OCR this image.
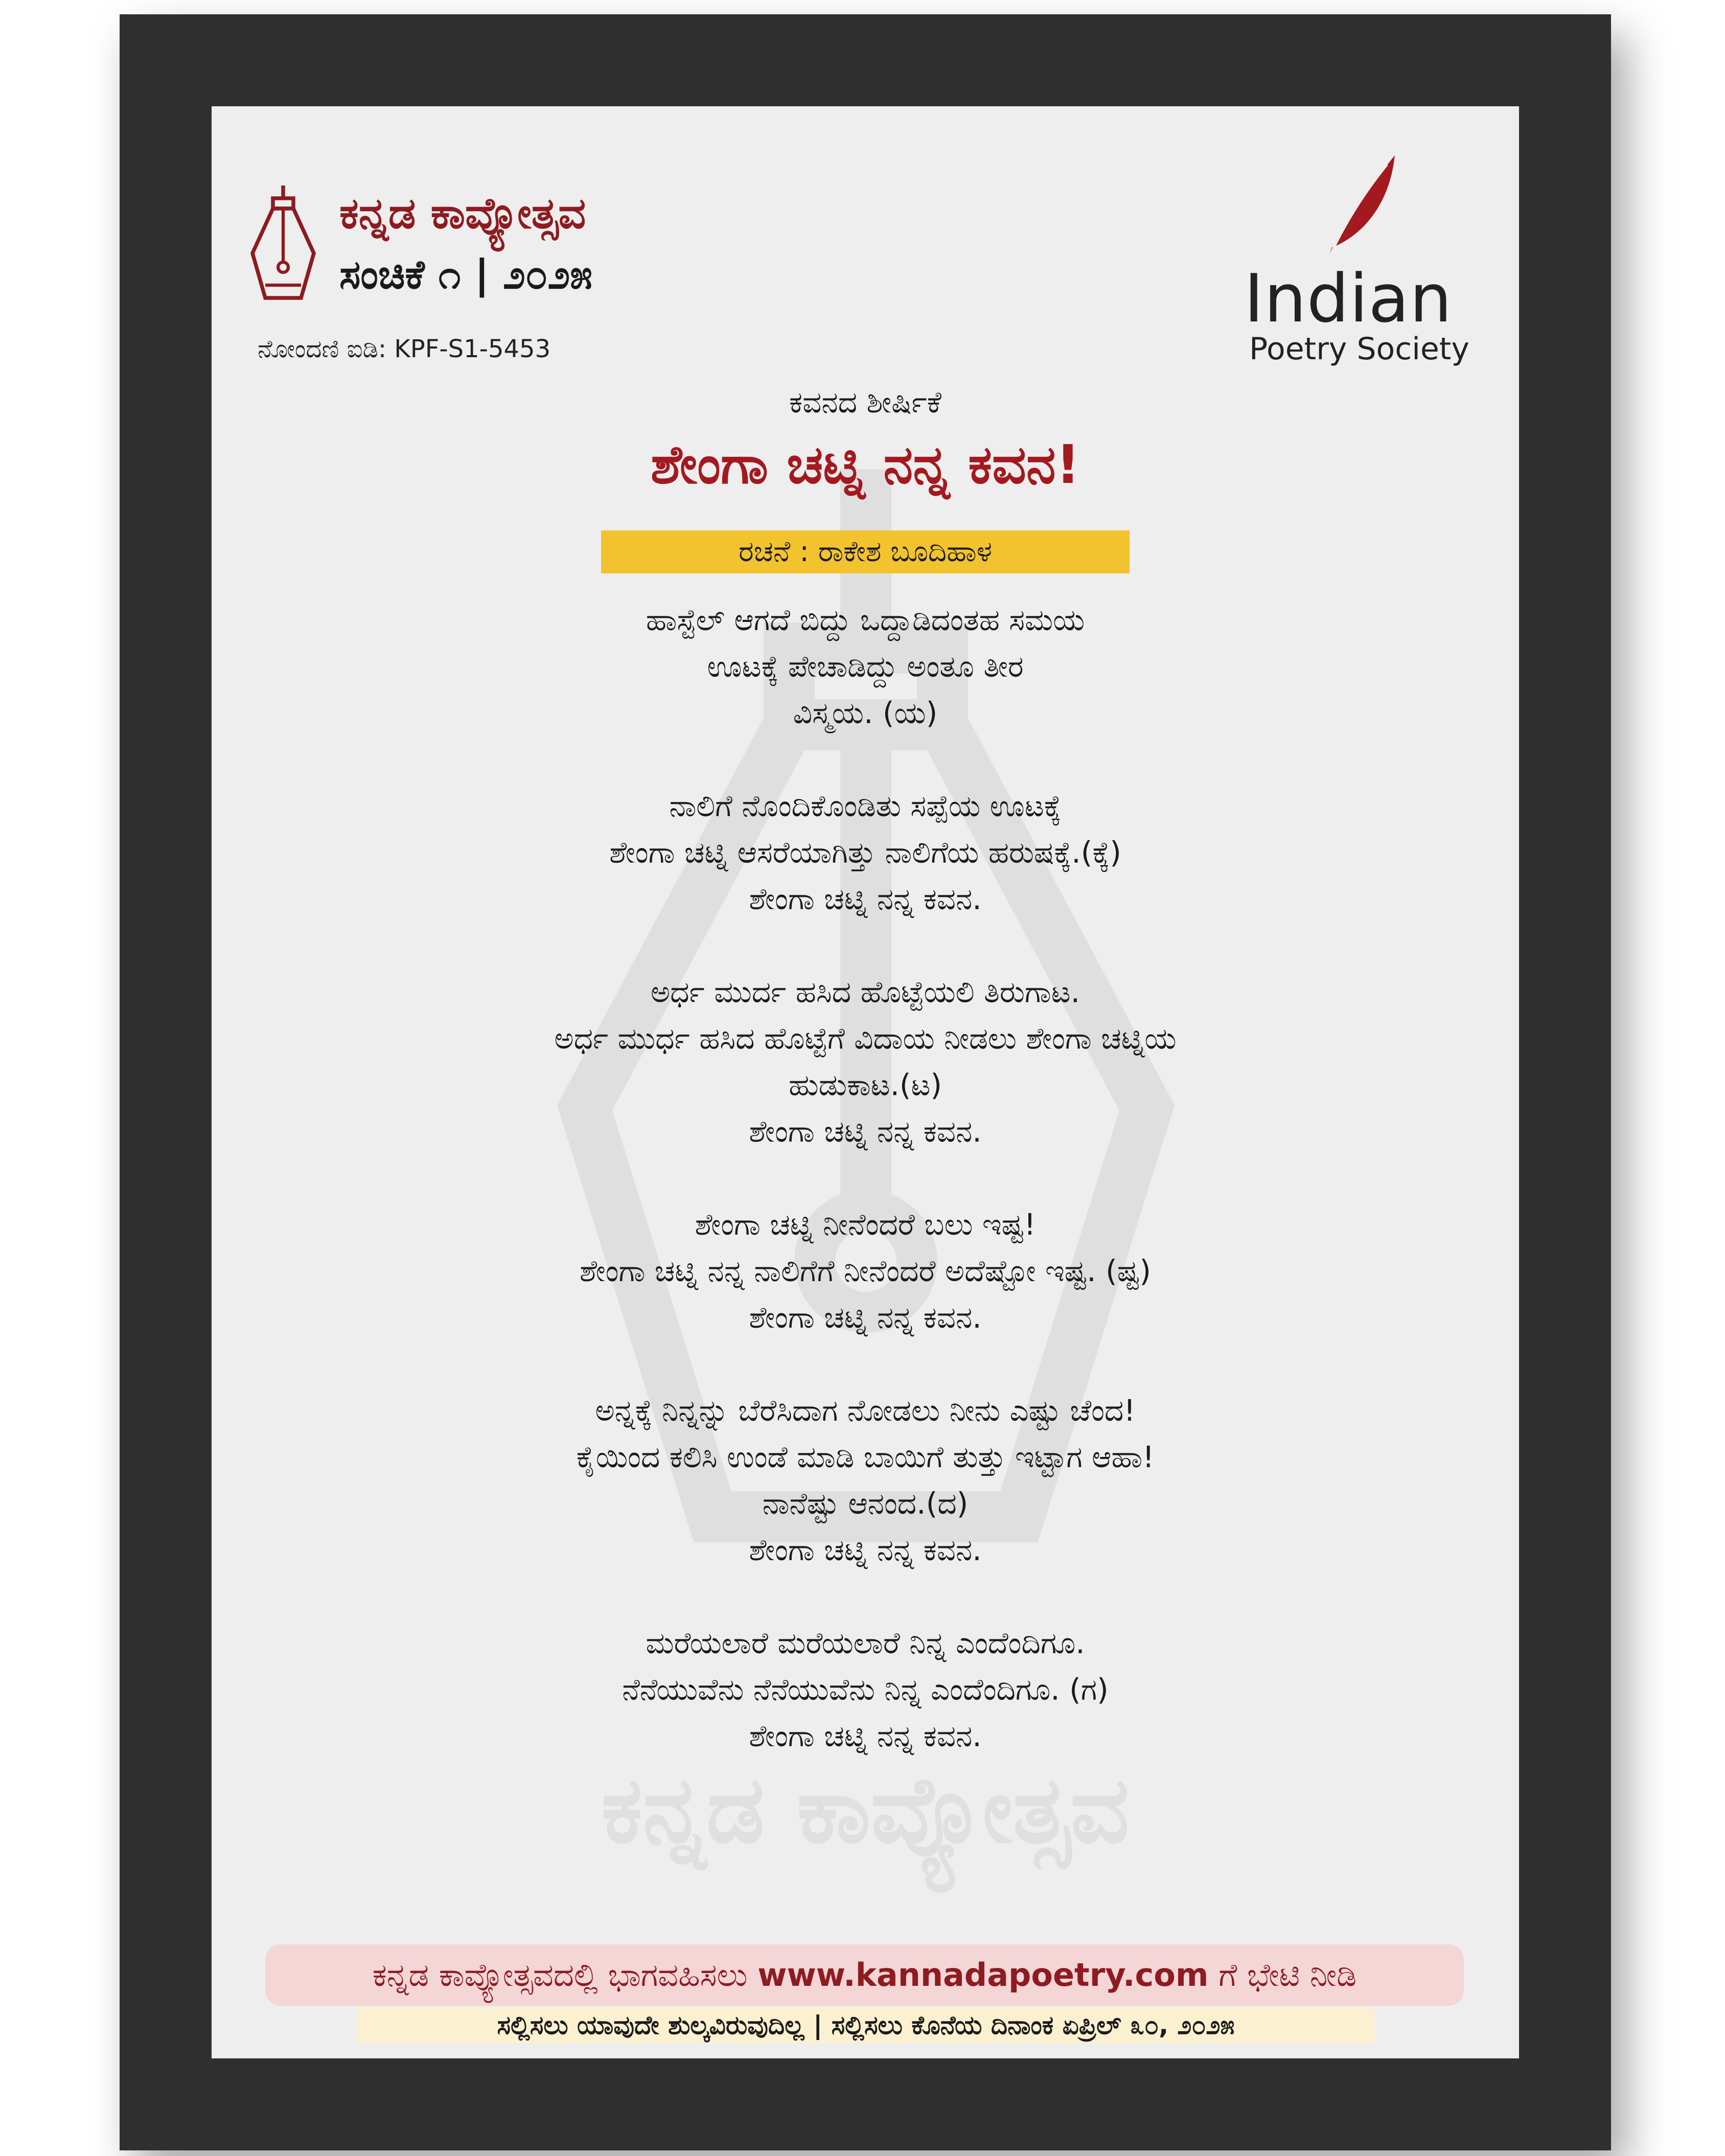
ಕನ್ನಡ ಕಾವ್ಯೋತ್ಸವ
ಕನ್ನಡ ಕಾವ್ಯೋತ್ಸವ
ಸಂಚಿಕೆ ೧ | ೨೦೨೫
ನೋಂದಣಿ ಐಡಿ: KPF-S1-5453
Indian
Poetry Society
ಕವನದ ಶೀರ್ಷಿಕೆ
ಶೇಂಗಾ ಚಟ್ನಿ ನನ್ನ ಕವನ!
ರಚನೆ : ರಾಕೇಶ ಬೂದಿಹಾಳ
ಹಾಸ್ಟೆಲ್ ಆಗದೆ ಬಿದ್ದು ಒದ್ದಾಡಿದಂತಹ ಸಮಯ
ಊಟಕ್ಕೆ ಪೇಚಾಡಿದ್ದು ಅಂತೂ ತೀರ
ವಿಸ್ಮಯ. (ಯ)
ನಾಲಿಗೆ ನೊಂದಿಕೊಂಡಿತು ಸಪ್ಪೆಯ ಊಟಕ್ಕೆ
ಶೇಂಗಾ ಚಟ್ನಿ ಆಸರೆಯಾಗಿತ್ತು ನಾಲಿಗೆಯ ಹರುಷಕ್ಕೆ.(ಕ್ಕೆ)
ಶೇಂಗಾ ಚಟ್ನಿ ನನ್ನ ಕವನ.
ಅರ್ಧ ಮುರ್ದ ಹಸಿದ ಹೊಟ್ಟೆಯಲಿ ತಿರುಗಾಟ.
ಅರ್ಧ ಮುರ್ಧ ಹಸಿದ ಹೊಟ್ಟೆಗೆ ವಿದಾಯ ನೀಡಲು ಶೇಂಗಾ ಚಟ್ನಿಯ
ಹುಡುಕಾಟ.(ಟ)
ಶೇಂಗಾ ಚಟ್ನಿ ನನ್ನ ಕವನ.
ಶೇಂಗಾ ಚಟ್ನಿ ನೀನೆಂದರೆ ಬಲು ಇಷ್ಟ!
ಶೇಂಗಾ ಚಟ್ನಿ ನನ್ನ ನಾಲಿಗೆಗೆ ನೀನೆಂದರೆ ಅದೆಷ್ಟೋ ಇಷ್ಟ. (ಷ್ಟ)
ಶೇಂಗಾ ಚಟ್ನಿ ನನ್ನ ಕವನ.
ಅನ್ನಕ್ಕೆ ನಿನ್ನನ್ನು ಬೆರೆಸಿದಾಗ ನೋಡಲು ನೀನು ಎಷ್ಟು ಚೆಂದ!
ಕೈಯಿಂದ ಕಲಿಸಿ ಉಂಡೆ ಮಾಡಿ ಬಾಯಿಗೆ ತುತ್ತು ಇಟ್ಟಾಗ ಆಹಾ!
ನಾನೆಷ್ಟು ಆನಂದ.(ದ)
ಶೇಂಗಾ ಚಟ್ನಿ ನನ್ನ ಕವನ.
ಮರೆಯಲಾರೆ ಮರೆಯಲಾರೆ ನಿನ್ನ ಎಂದೆಂದಿಗೂ.
ನೆನೆಯುವೆನು ನೆನೆಯುವೆನು ನಿನ್ನ ಎಂದೆಂದಿಗೂ. (ಗ)
ಶೇಂಗಾ ಚಟ್ನಿ ನನ್ನ ಕವನ.
ಕನ್ನಡ ಕಾವ್ಯೋತ್ಸವದಲ್ಲಿ ಭಾಗವಹಿಸಲು www.kannadapoetry.com ಗೆ ಭೇಟಿ ನೀಡಿ
ಸಲ್ಲಿಸಲು ಯಾವುದೇ ಶುಲ್ಕವಿರುವುದಿಲ್ಲ | ಸಲ್ಲಿಸಲು ಕೊನೆಯ ದಿನಾಂಕ ಏಪ್ರಿಲ್ ೩೦, ೨೦೨೫
